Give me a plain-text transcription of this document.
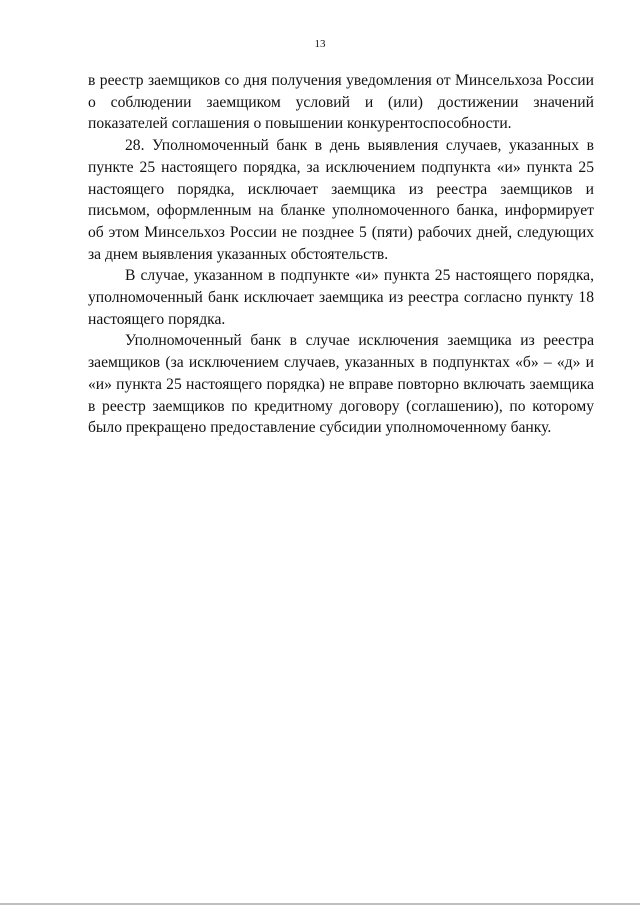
13

в реестр заемщиков со дня получения уведомления от Минсельхоза России о соблюдении заемщиком условий и (или) достижении значений показателей соглашения о повышении конкурентоспособности.

28. Уполномоченный банк в день выявления случаев, указанных в пункте 25 настоящего порядка, за исключением подпункта «и» пункта 25 настоящего порядка, исключает заемщика из реестра заемщиков и письмом, оформленным на бланке уполномоченного банка, информирует об этом Минсельхоз России не позднее 5 (пяти) рабочих дней, следующих за днем выявления указанных обстоятельств.

В случае, указанном в подпункте «и» пункта 25 настоящего порядка, уполномоченный банк исключает заемщика из реестра согласно пункту 18 настоящего порядка.

Уполномоченный банк в случае исключения заемщика из реестра заемщиков (за исключением случаев, указанных в подпунктах «б» – «д» и «и» пункта 25 настоящего порядка) не вправе повторно включать заемщика в реестр заемщиков по кредитному договору (соглашению), по которому было прекращено предоставление субсидии уполномоченному банку.
